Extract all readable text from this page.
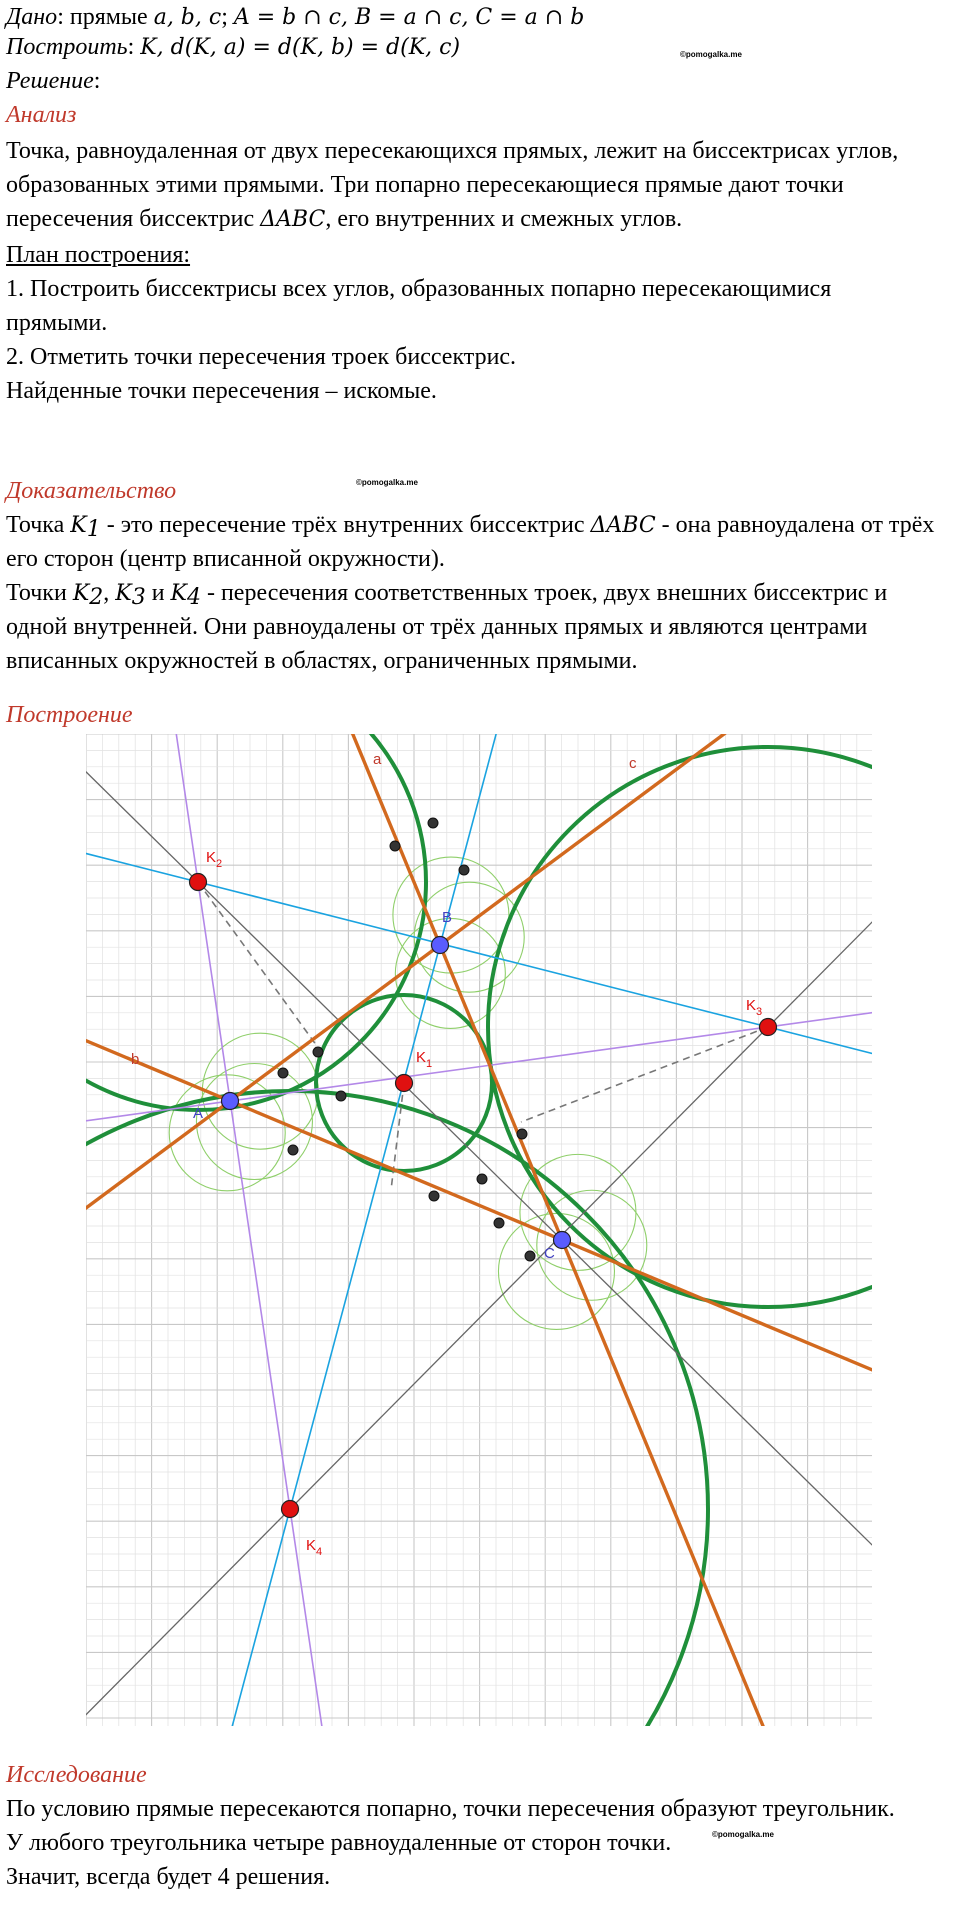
Дано: прямые a, b, c; A = b ∩ c, B = a ∩ c, C = a ∩ b
Построить: K, d(K, a) = d(K, b) = d(K, c)	©pomogalka.me
Решение:
Анализ
Точка, равноудаленная от двух пересекающихся прямых, лежит на биссектрисах углов,
образованных этими прямыми. Три попарно пересекающиеся прямые дают точки
пересечения биссектрис ΔABC, его внутренних и смежных углов.
План построения:
1. Построить биссектрисы всех углов, образованных попарно пересекающимися
прямыми.
2. Отметить точки пересечения троек биссектрис.
Найденные точки пересечения – искомые.
Доказательство	©pomogalka.me
Точка $K_1$ - это пересечение трёх внутренних биссектрис ΔABC - она равноудалена от трёх
его сторон (центр вписанной окружности).
Точки $K_2$, $K_3$ и $K_4$ - пересечения соответственных троек, двух внешних биссектрис и
одной внутренней. Они равноудалены от трёх данных прямых и являются центрами
вписанных окружностей в областях, ограниченных прямыми.
Построение
a
b
c
A
B
C
$K_1$
$K_2$
$K_3$
$K_4$
Исследование
По условию прямые пересекаются попарно, точки пересечения образуют треугольник.
У любого треугольника четыре равноудаленные от сторон точки.	©pomogalka.me
Значит, всегда будет 4 решения.
